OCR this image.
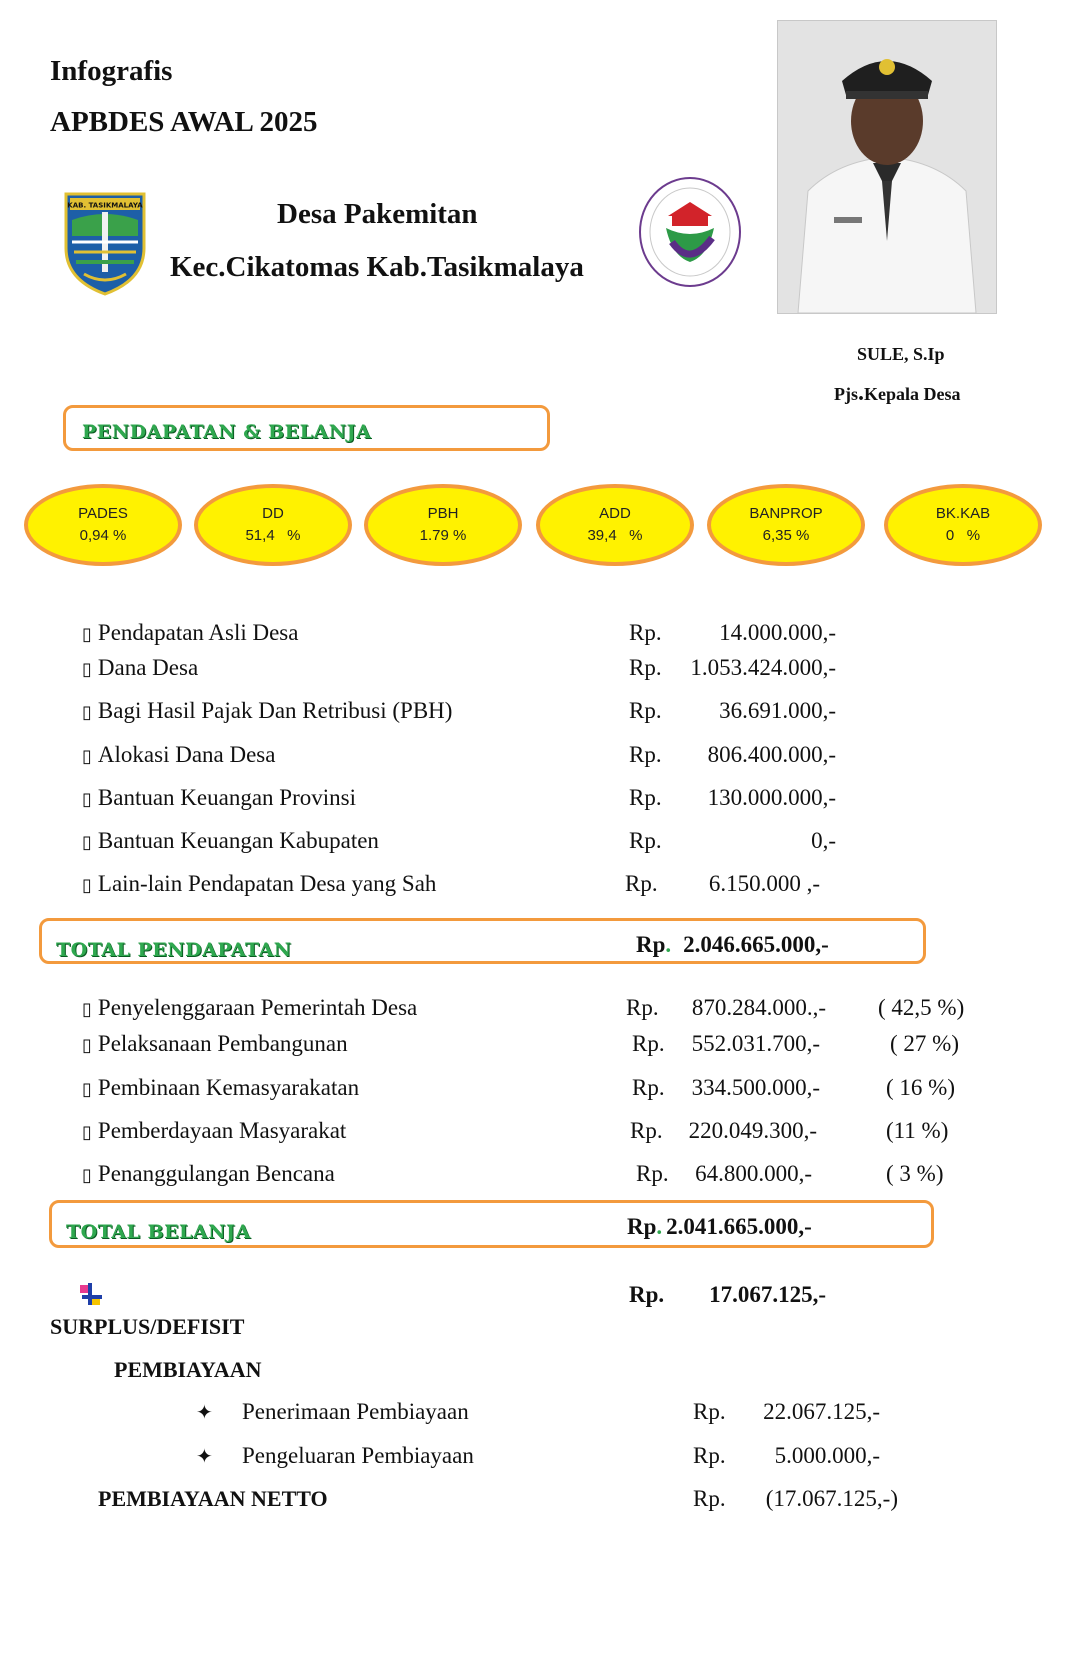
Infografis
APBDES AWAL 2025
KAB. TASIKMALAYA	Desa Pakemitan
Kec.Cikatomas Kab.Tasikmalaya
SULE, S.Ip
Pjs.Kepala Desa
PENDAPATAN & BELANJA
PADES
0,94 %
DD
51,4   %
PBH
1.79 %
ADD
39,4   %
BANPROP
6,35 %
BK.KAB
0   %
▯ Pendapatan Asli Desa	Rp.	14.000.000,-
▯ Dana Desa	Rp.	1.053.424.000,-
▯ Bagi Hasil Pajak Dan Retribusi (PBH)	Rp.	36.691.000,-
▯ Alokasi Dana Desa	Rp.	806.400.000,-
▯ Bantuan Keuangan Provinsi	Rp.	130.000.000,-
▯ Bantuan Keuangan Kabupaten	Rp.	0,-
▯ Lain-lain Pendapatan Desa yang Sah	Rp.	6.150.000 ,-
TOTAL PENDAPATAN	Rp. 2.046.665.000,-
▯ Penyelenggaraan Pemerintah Desa	Rp.	870.284.000.,- ( 42,5 %)
▯ Pelaksanaan Pembangunan	Rp.	552.031.700,-	( 27 %)
▯ Pembinaan Kemasyarakatan	Rp.	334.500.000,-	( 16 %)
▯ Pemberdayaan Masyarakat	Rp.	220.049.300,-	(11 %)
▯ Penanggulangan Bencana	Rp.	64.800.000,-	( 3 %)
TOTAL BELANJA	Rp. 2.041.665.000,-
Rp.	17.067.125,-
SURPLUS/DEFISIT
PEMBIAYAAN
✦ Penerimaan Pembiayaan	Rp.	22.067.125,-
✦ Pengeluaran Pembiayaan	Rp.	5.000.000,-
PEMBIAYAAN NETTO	Rp.	(17.067.125,-)
